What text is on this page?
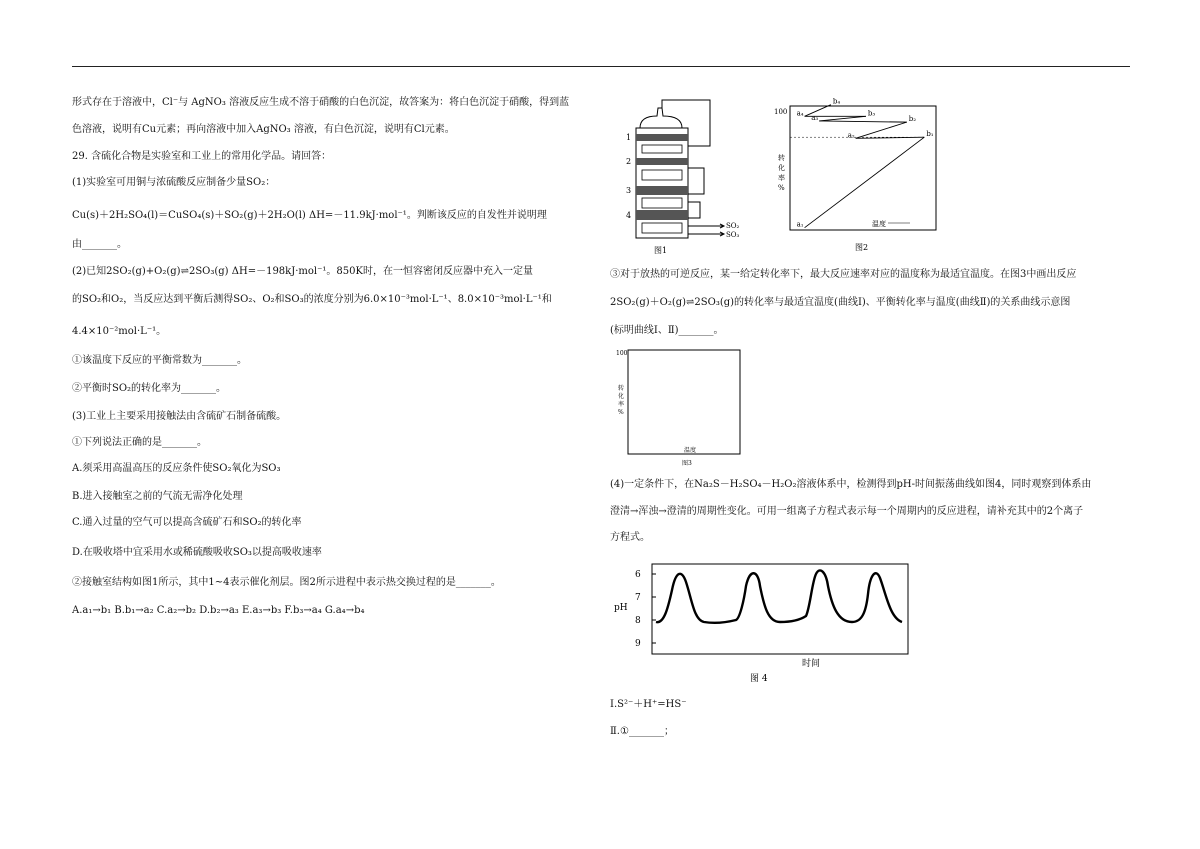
形式存在于溶液中，Cl⁻与 AgNO₃ 溶液反应生成不溶于硝酸的白色沉淀，故答案为：将白色沉淀于硝酸，得到蓝
色溶液，说明有Cu元素；再向溶液中加入AgNO₃ 溶液，有白色沉淀，说明有Cl元素。
29. 含硫化合物是实验室和工业上的常用化学品。请回答：
(1)实验室可用铜与浓硫酸反应制备少量SO₂：
Cu(s)＋2H₂SO₄(l)＝CuSO₄(s)＋SO₂(g)＋2H₂O(l) ΔH=－11.9kJ·mol⁻¹。判断该反应的自发性并说明理
由_______。
(2)已知2SO₂(g)+O₂(g)⇌2SO₃(g) ΔH=－198kJ·mol⁻¹。850K时，在一恒容密闭反应器中充入一定量
的SO₂和O₂，当反应达到平衡后测得SO₂、O₂和SO₃的浓度分别为6.0×10⁻³mol·L⁻¹、8.0×10⁻³mol·L⁻¹和
4.4×10⁻²mol·L⁻¹。
①该温度下反应的平衡常数为_______。
②平衡时SO₂的转化率为_______。
(3)工业上主要采用接触法由含硫矿石制备硫酸。
①下列说法正确的是_______。
A.须采用高温高压的反应条件使SO₂氧化为SO₃
B.进入接触室之前的气流无需净化处理
C.通入过量的空气可以提高含硫矿石和SO₂的转化率
D.在吸收塔中宜采用水或稀硫酸吸收SO₃以提高吸收速率
②接触室结构如图1所示，其中1~4表示催化剂层。图2所示进程中表示热交换过程的是_______。
A.a₁→b₁ B.b₁→a₂ C.a₂→b₂ D.b₂→a₃ E.a₃→b₃ F.b₃→a₄ G.a₄→b₄
1
2
3
4
SO₂
SO₃
图1
100
转
化
率
%
温度
图2
a₁
b₁
a₂
b₂
a₃
b₃
a₄
b₄
③对于放热的可逆反应，某一给定转化率下，最大反应速率对应的温度称为最适宜温度。在图3中画出反应
2SO₂(g)＋O₂(g)⇌2SO₃(g)的转化率与最适宜温度(曲线Ⅰ)、平衡转化率与温度(曲线Ⅱ)的关系曲线示意图
(标明曲线Ⅰ、Ⅱ)_______。
100
转
化
率
%
温度
图3
(4)一定条件下，在Na₂S－H₂SO₄－H₂O₂溶液体系中，检测得到pH-时间振荡曲线如图4，同时观察到体系由
澄清→浑浊→澄清的周期性变化。可用一组离子方程式表示每一个周期内的反应进程，请补充其中的2个离子
方程式。
6
7
8
9
pH
时间
图 4
Ⅰ.S²⁻＋H⁺=HS⁻
Ⅱ.①_______；
